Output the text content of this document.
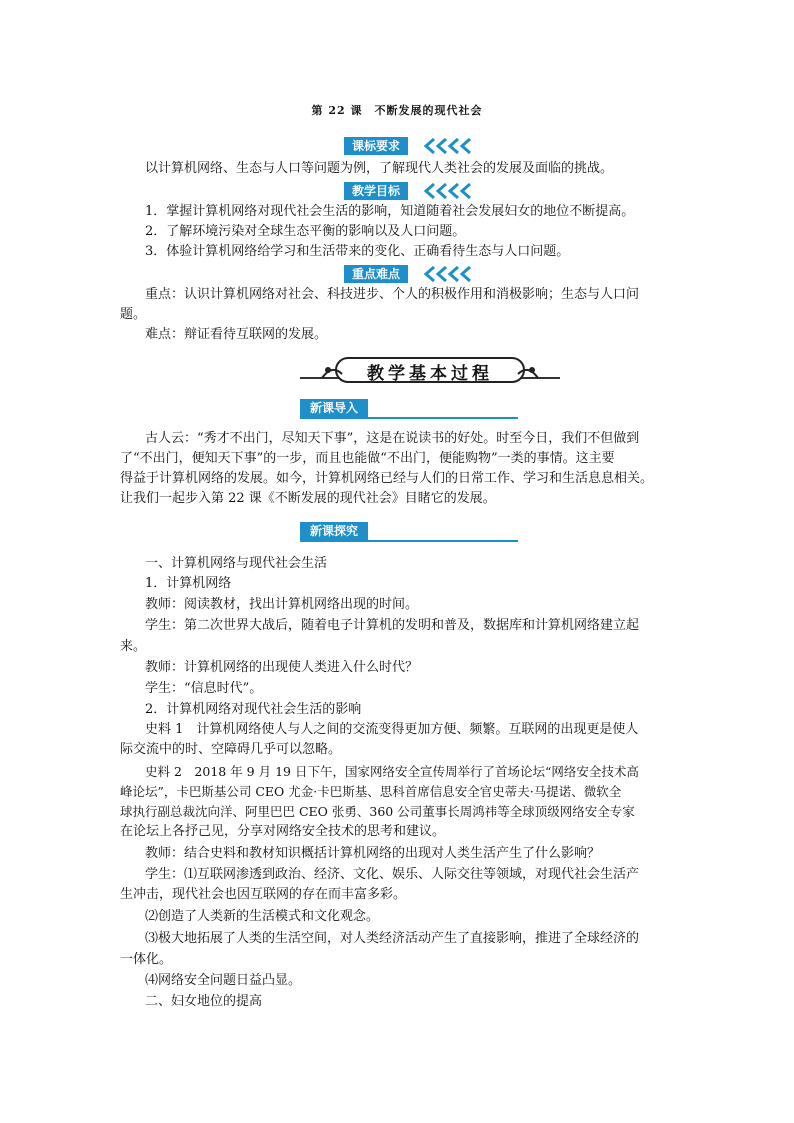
第 22 课　不断发展的现代社会
课标要求
以计算机网络、生态与人口等问题为例，了解现代人类社会的发展及面临的挑战。
教学目标
1．掌握计算机网络对现代社会生活的影响，知道随着社会发展妇女的地位不断提高。
2．了解环境污染对全球生态平衡的影响以及人口问题。
3．体验计算机网络给学习和生活带来的变化、正确看待生态与人口问题。
重点难点
重点：认识计算机网络对社会、科技进步、个人的积极作用和消极影响；生态与人口问
题。
难点：辩证看待互联网的发展。
教学基本过程
新课导入
古人云：“秀才不出门，尽知天下事”，这是在说读书的好处。时至今日，我们不但做到
了“不出门，便知天下事”的一步，而且也能做“不出门，便能购物”一类的事情。这主要
得益于计算机网络的发展。如今，计算机网络已经与人们的日常工作、学习和生活息息相关。
让我们一起步入第 22 课《不断发展的现代社会》目睹它的发展。
新课探究
一、计算机网络与现代社会生活
1．计算机网络
教师：阅读教材，找出计算机网络出现的时间。
学生：第二次世界大战后，随着电子计算机的发明和普及，数据库和计算机网络建立起
来。
教师：计算机网络的出现使人类进入什么时代？
学生：“信息时代”。
2．计算机网络对现代社会生活的影响
史料 1　计算机网络使人与人之间的交流变得更加方便、频繁。互联网的出现更是使人
际交流中的时、空障碍几乎可以忽略。
史料 2　2018 年 9 月 19 日下午，国家网络安全宣传周举行了首场论坛“网络安全技术高
峰论坛”，卡巴斯基公司 CEO 尤金·卡巴斯基、思科首席信息安全官史蒂夫·马提诺、微软全
球执行副总裁沈向洋、阿里巴巴 CEO 张勇、360 公司董事长周鸿祎等全球顶级网络安全专家
在论坛上各抒己见，分享对网络安全技术的思考和建议。
教师：结合史料和教材知识概括计算机网络的出现对人类生活产生了什么影响？
学生：⑴互联网渗透到政治、经济、文化、娱乐、人际交往等领域，对现代社会生活产
生冲击，现代社会也因互联网的存在而丰富多彩。
⑵创造了人类新的生活模式和文化观念。
⑶极大地拓展了人类的生活空间，对人类经济活动产生了直接影响，推进了全球经济的
一体化。
⑷网络安全问题日益凸显。
二、妇女地位的提高
